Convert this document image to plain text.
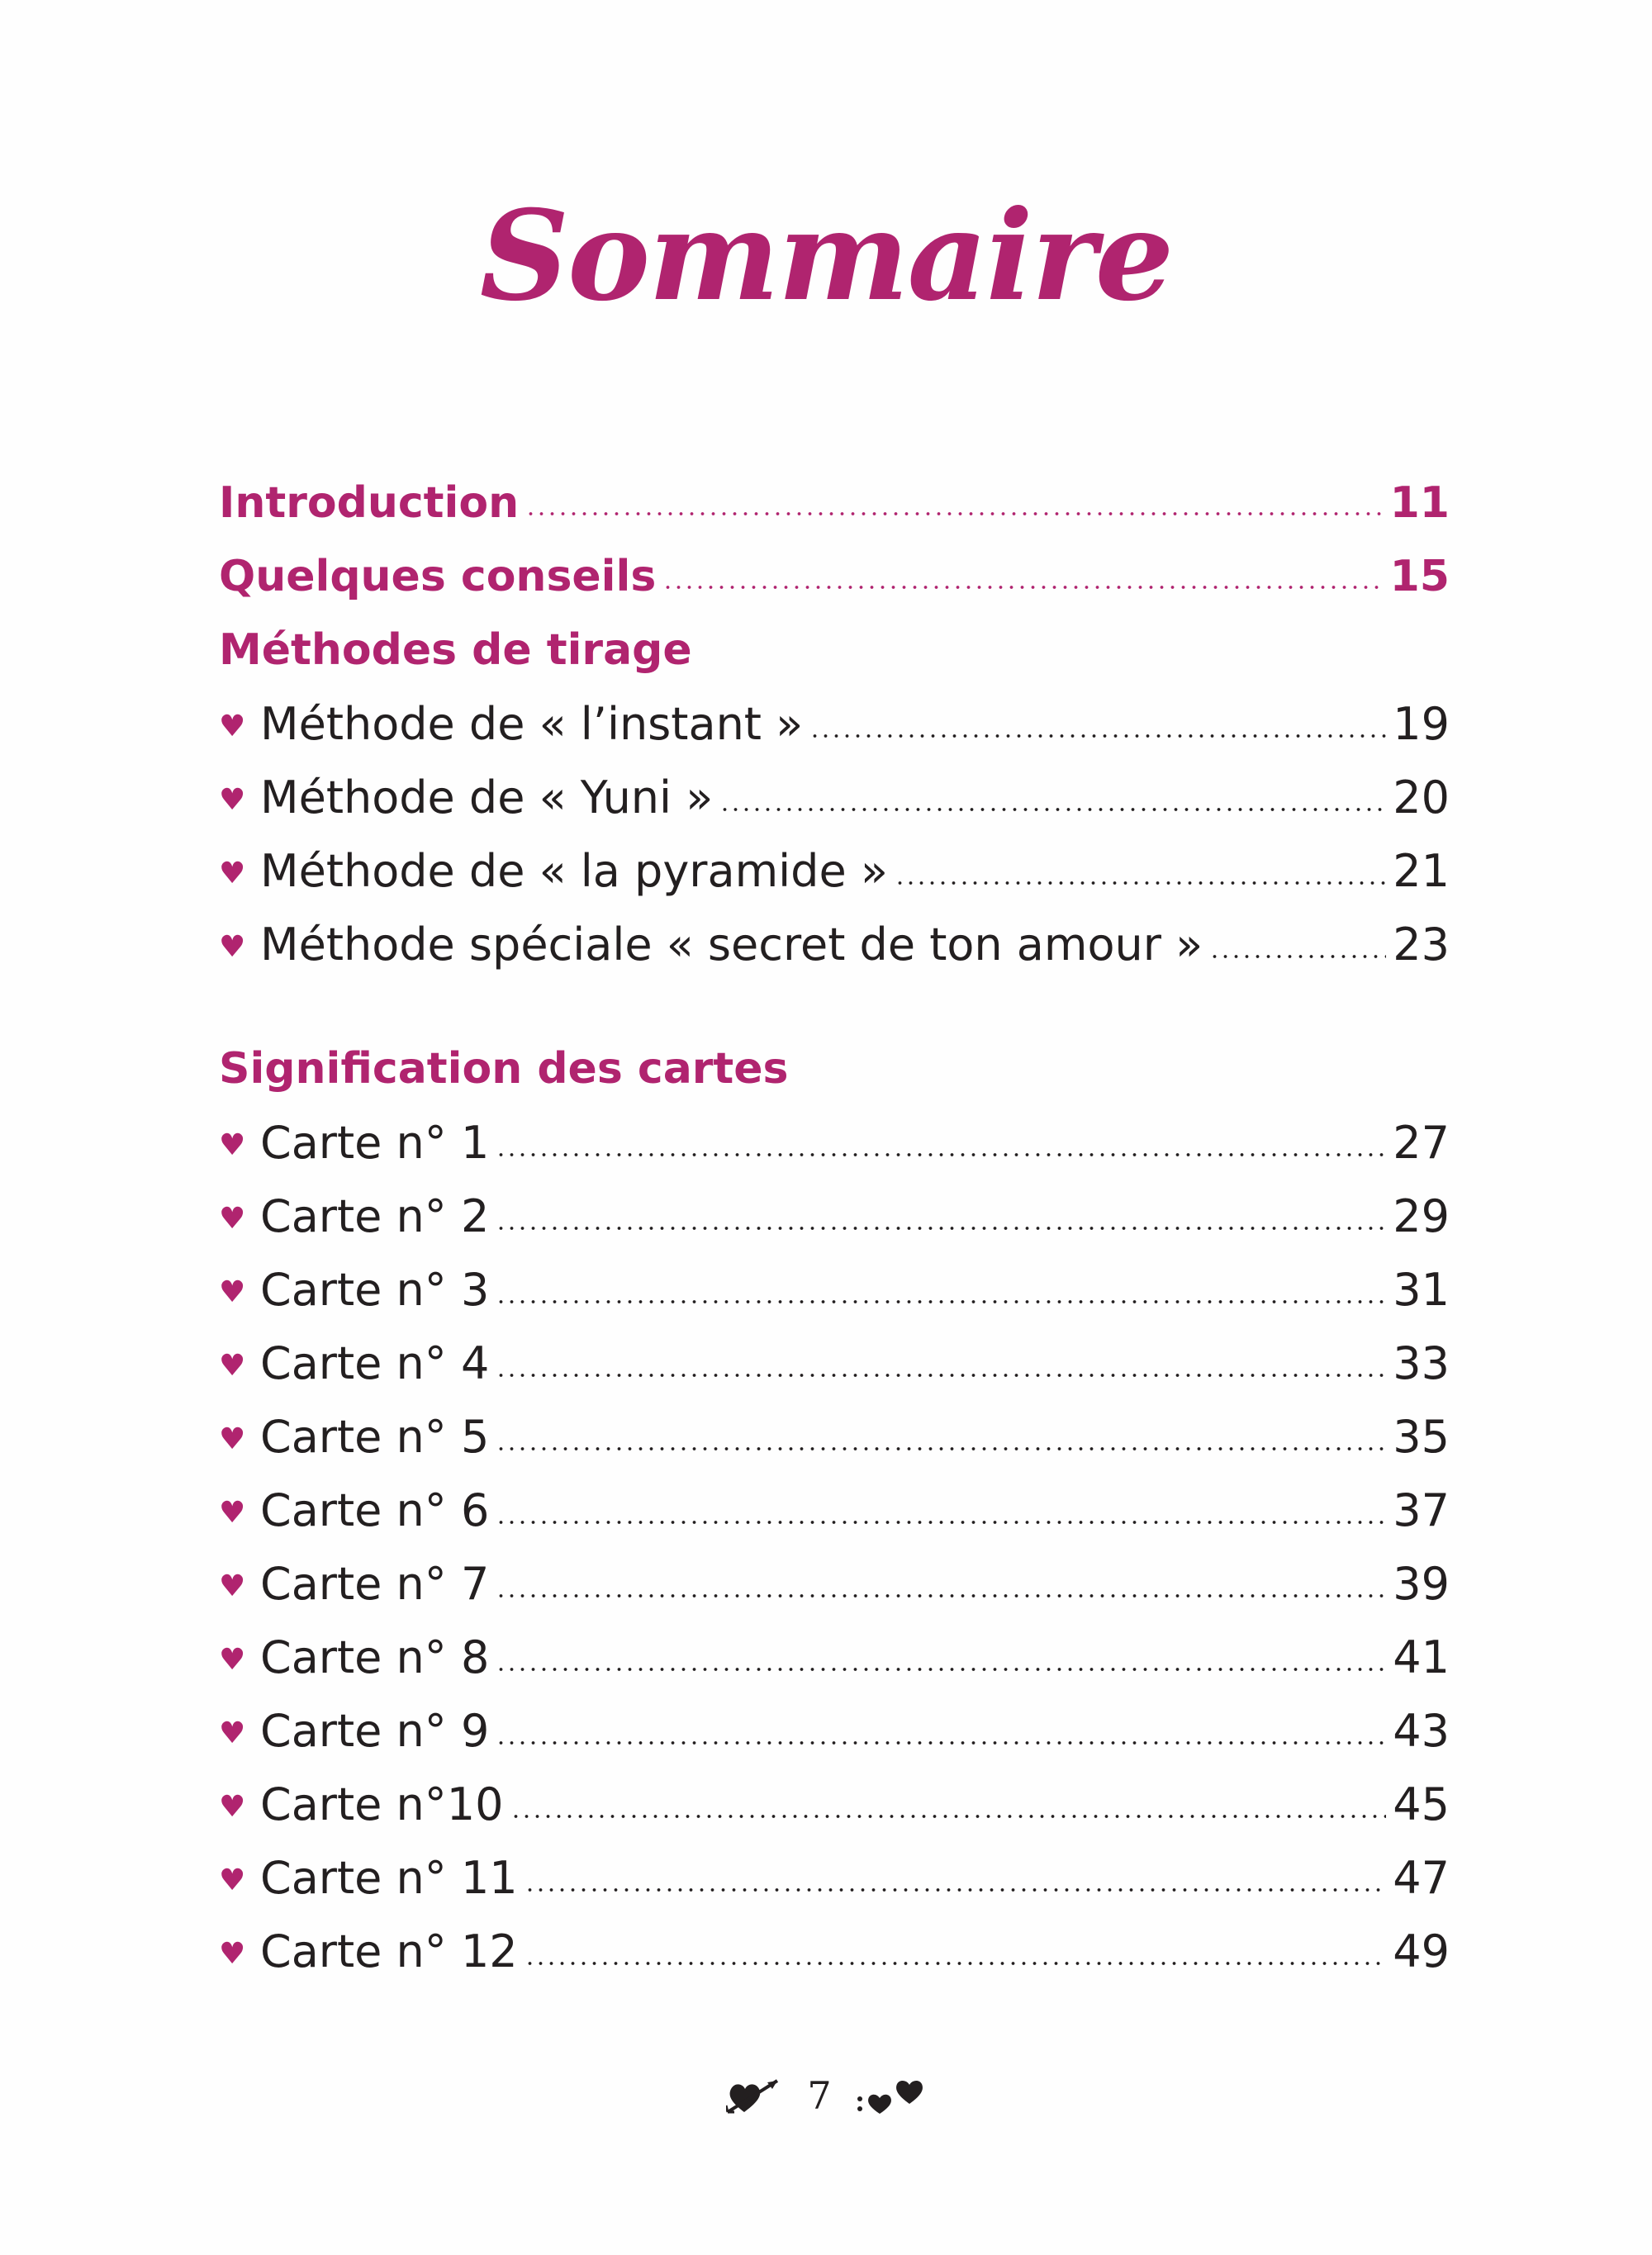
Sommaire
Introduction	11
Quelques conseils	15
Méthodes de tirage
♥ Méthode de « l’instant »	19
♥ Méthode de « Yuni »	20
♥ Méthode de « la pyramide »	21
♥ Méthode spéciale « secret de ton amour »	23
Signification des cartes
♥ Carte n° 1	27
♥ Carte n° 2	29
♥ Carte n° 3	31
♥ Carte n° 4	33
♥ Carte n° 5	35
♥ Carte n° 6	37
♥ Carte n° 7	39
♥ Carte n° 8	41
♥ Carte n° 9	43
♥ Carte n°10	45
♥ Carte n° 11	47
♥ Carte n° 12	49
7
